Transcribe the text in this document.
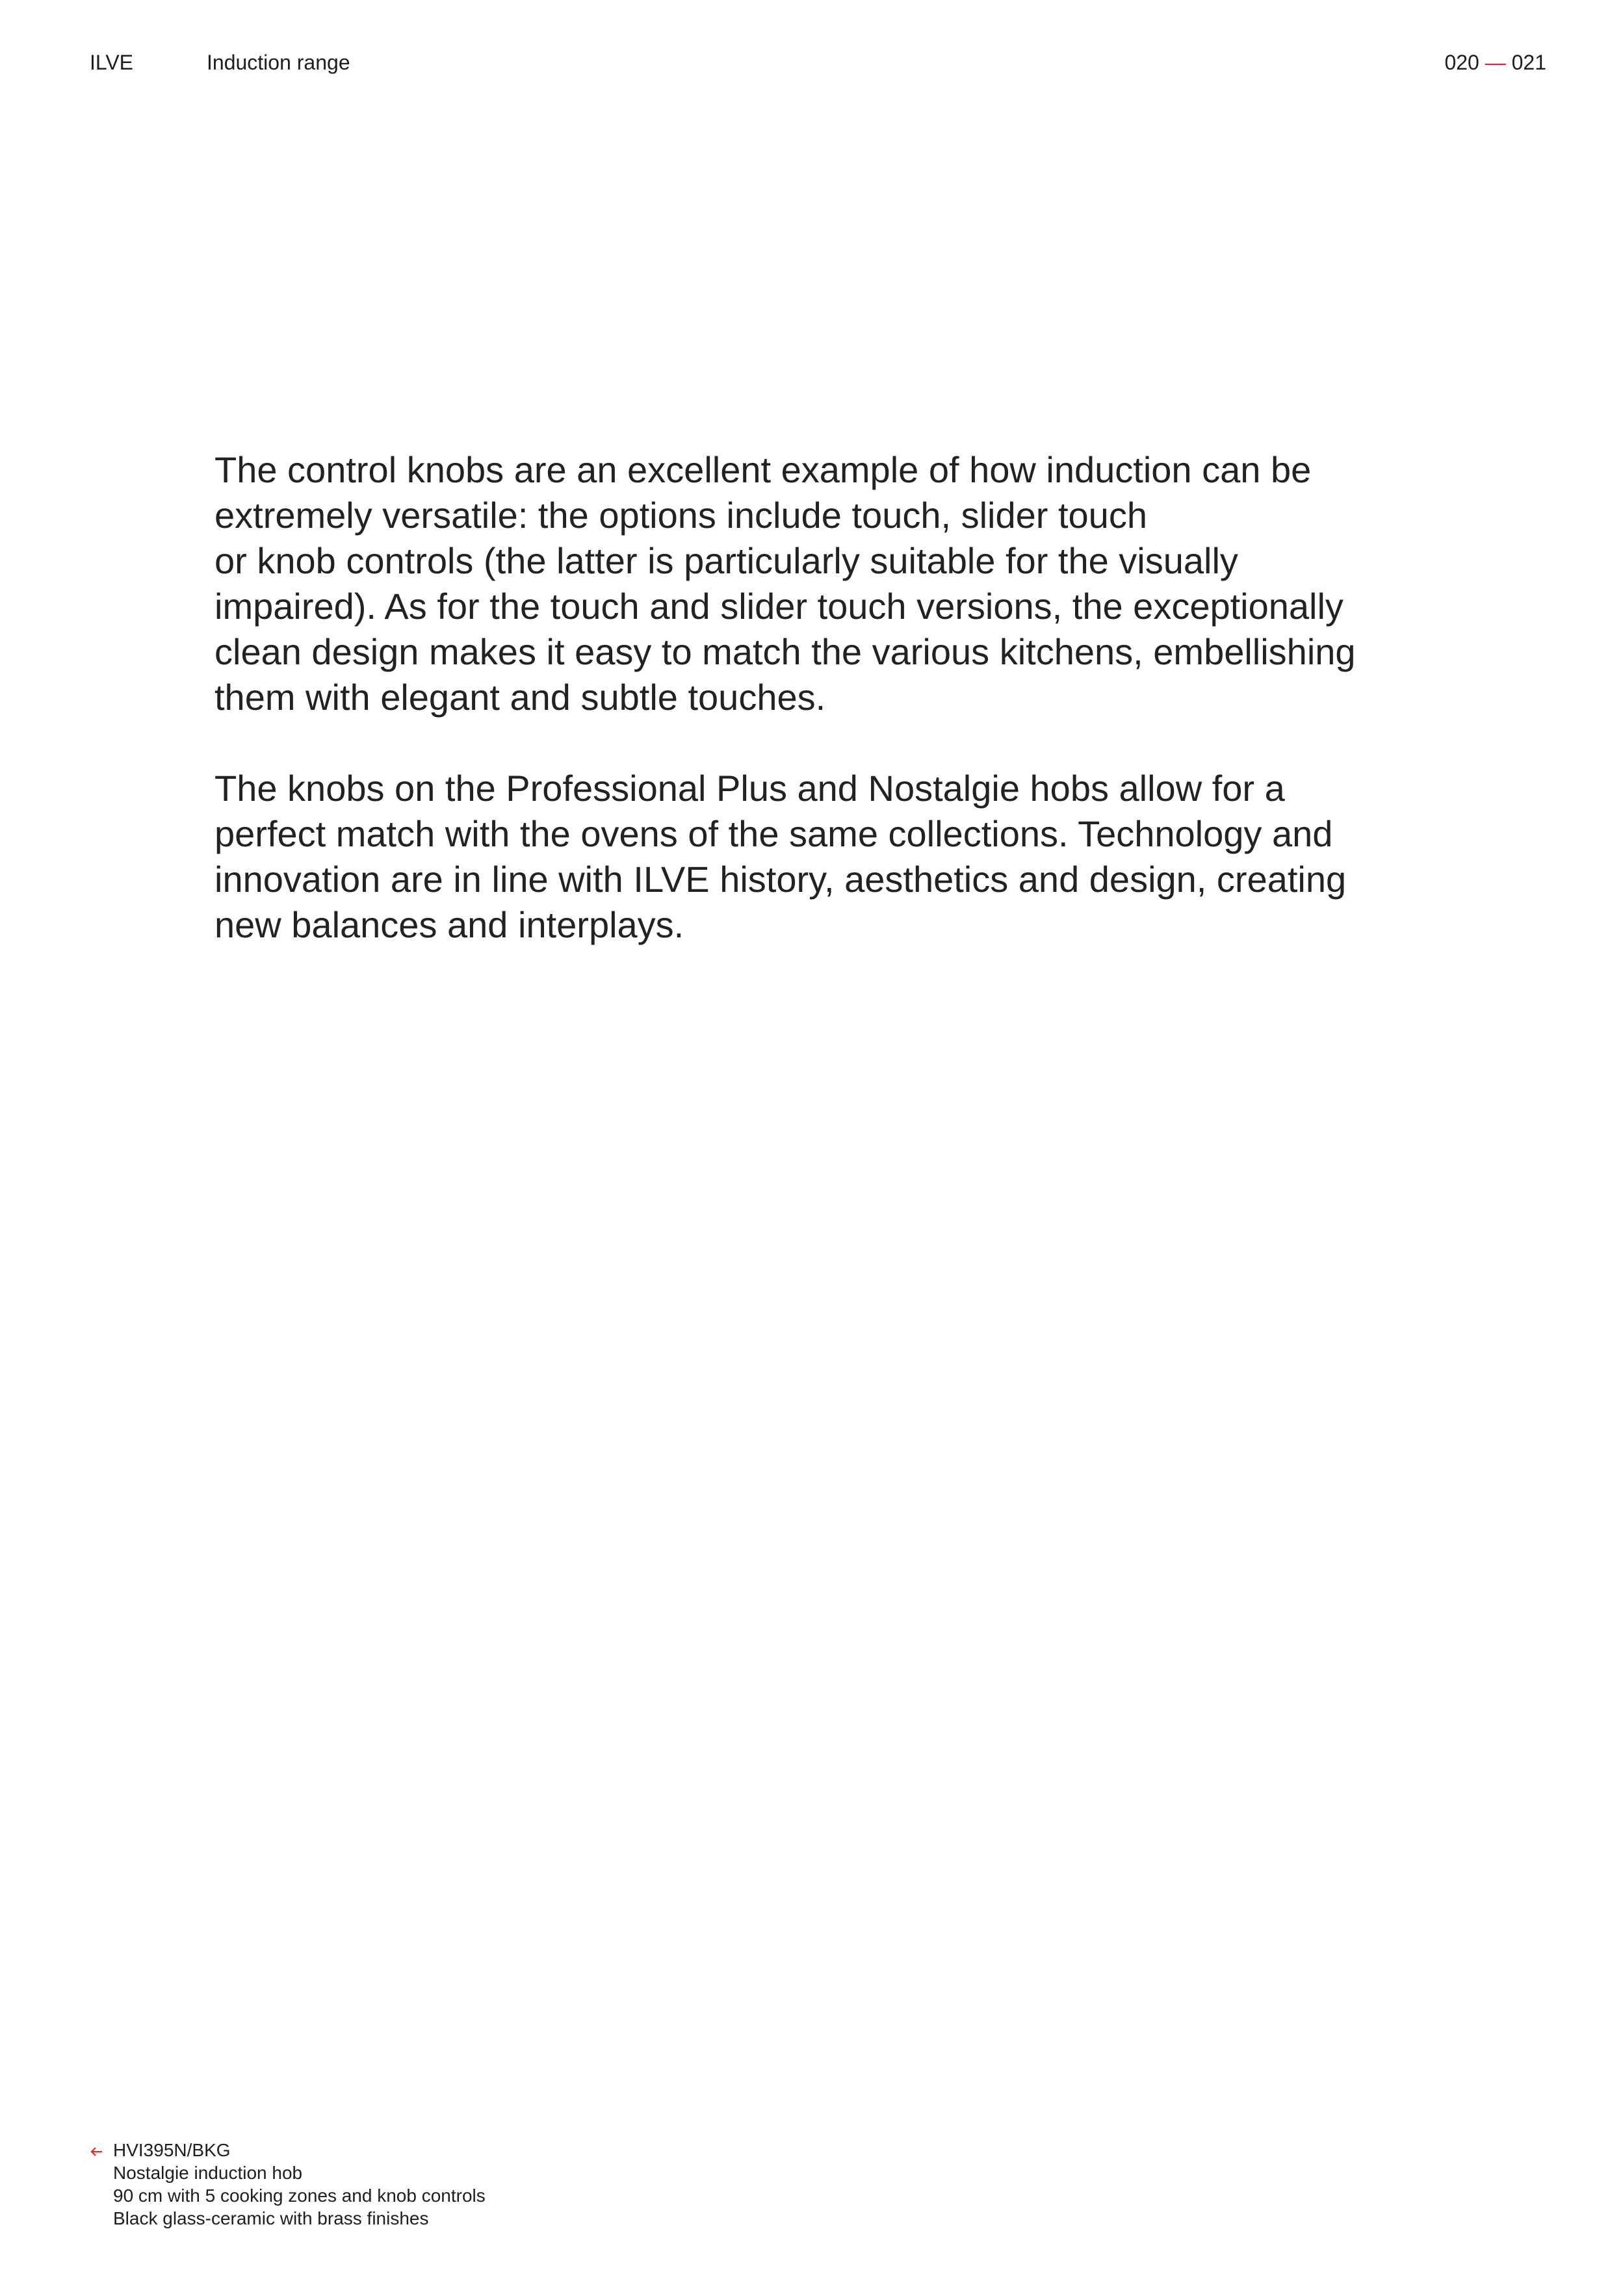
ILVE	Induction range	020 — 021

The control knobs are an excellent example of how induction can be
extremely versatile: the options include touch, slider touch
or knob controls (the latter is particularly suitable for the visually
impaired). As for the touch and slider touch versions, the exceptionally
clean design makes it easy to match the various kitchens, embellishing
them with elegant and subtle touches.

The knobs on the Professional Plus and Nostalgie hobs allow for a
perfect match with the ovens of the same collections. Technology and
innovation are in line with ILVE history, aesthetics and design, creating
new balances and interplays.

HVI395N/BKG
Nostalgie induction hob
90 cm with 5 cooking zones and knob controls
Black glass-ceramic with brass finishes
